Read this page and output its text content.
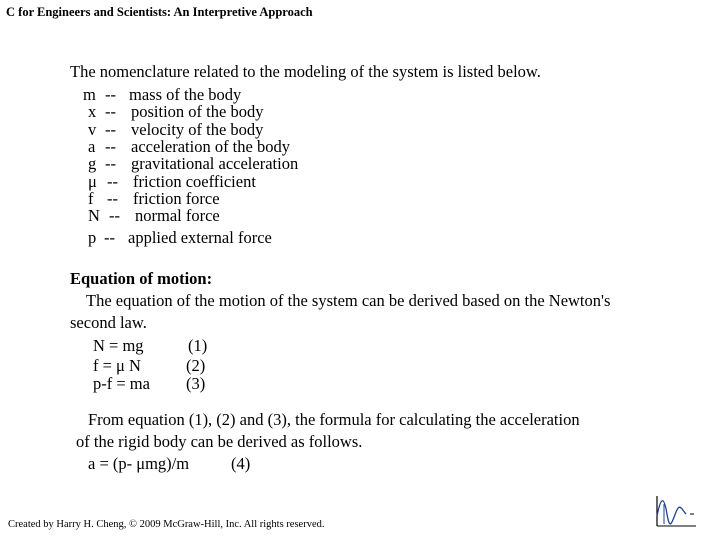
C for Engineers and Scientists: An Interpretive Approach
The nomenclature related to the modeling of the system is listed below.
m -- mass of the body
x -- position of the body
v -- velocity of the body
a -- acceleration of the body
g -- gravitational acceleration
μ -- friction coefficient
f -- friction force
N -- normal force
p -- applied external force
Equation of motion:
The equation of the motion of the system can be derived based on the Newton's
second law.
N = mg	(1)
f = μ N	(2)
p-f = ma (3)
From equation (1), (2) and (3), the formula for calculating the acceleration
of the rigid body can be derived as follows.
a = (p- μmg)/m	(4)
Created by Harry H. Cheng, © 2009 McGraw-Hill, Inc. All rights reserved.
